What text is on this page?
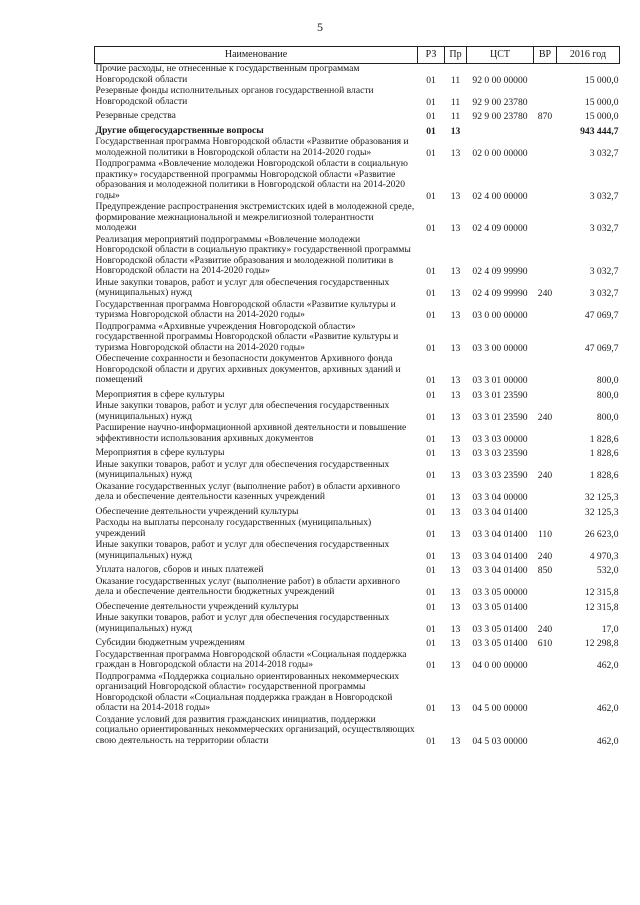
5
Наименование	РЗ	Пр	ЦСТ	ВР	2016 год
Прочие расходы, не отнесенные к государственным программам Новгородской области	01	11	92 0 00 00000		15 000,0
Резервные фонды исполнительных органов государственной власти Новгородской области	01	11	92 9 00 23780		15 000,0
Резервные средства	01	11	92 9 00 23780	870	15 000,0
Другие общегосударственные вопросы	01	13			943 444,7
Государственная программа Новгородской области «Развитие образования и молодежной политики в Новгородской области на 2014-2020 годы»	01	13	02 0 00 00000		3 032,7
Подпрограмма «Вовлечение молодежи Новгородской области в социальную практику» государственной программы Новгородской области «Развитие образования и молодежной политики в Новгородской области на 2014-2020 годы»	01	13	02 4 00 00000		3 032,7
Предупреждение распространения экстремистских идей в молодежной среде, формирование межнациональной и межрелигиозной толерантности молодежи	01	13	02 4 09 00000		3 032,7
Реализация мероприятий подпрограммы «Вовлечение молодежи Новгородской области в социальную практику» государственной программы Новгородской области «Развитие образования и молодежной политики в Новгородской области на 2014-2020 годы»	01	13	02 4 09 99990		3 032,7
Иные закупки товаров, работ и услуг для обеспечения государственных (муниципальных) нужд	01	13	02 4 09 99990	240	3 032,7
Государственная программа Новгородской области «Развитие культуры и туризма Новгородской области на 2014-2020 годы»	01	13	03 0 00 00000		47 069,7
Подпрограмма «Архивные учреждения Новгородской области» государственной программы Новгородской области «Развитие культуры и туризма Новгородской области на 2014-2020 годы»	01	13	03 3 00 00000		47 069,7
Обеспечение сохранности и безопасности документов Архивного фонда Новгородской области и других архивных документов, архивных зданий и помещений	01	13	03 3 01 00000		800,0
Мероприятия в сфере культуры	01	13	03 3 01 23590		800,0
Иные закупки товаров, работ и услуг для обеспечения государственных (муниципальных) нужд	01	13	03 3 01 23590	240	800,0
Расширение научно-информационной архивной деятельности и повышение эффективности использования архивных документов	01	13	03 3 03 00000		1 828,6
Мероприятия в сфере культуры	01	13	03 3 03 23590		1 828,6
Иные закупки товаров, работ и услуг для обеспечения государственных (муниципальных) нужд	01	13	03 3 03 23590	240	1 828,6
Оказание государственных услуг (выполнение работ) в области архивного дела и обеспечение деятельности казенных учреждений	01	13	03 3 04 00000		32 125,3
Обеспечение деятельности учреждений культуры	01	13	03 3 04 01400		32 125,3
Расходы на выплаты персоналу государственных (муниципальных) учреждений	01	13	03 3 04 01400	110	26 623,0
Иные закупки товаров, работ и услуг для обеспечения государственных (муниципальных) нужд	01	13	03 3 04 01400	240	4 970,3
Уплата налогов, сборов и иных платежей	01	13	03 3 04 01400	850	532,0
Оказание государственных услуг (выполнение работ) в области архивного дела и обеспечение деятельности бюджетных учреждений	01	13	03 3 05 00000		12 315,8
Обеспечение деятельности учреждений культуры	01	13	03 3 05 01400		12 315,8
Иные закупки товаров, работ и услуг для обеспечения государственных (муниципальных) нужд	01	13	03 3 05 01400	240	17,0
Субсидии бюджетным учреждениям	01	13	03 3 05 01400	610	12 298,8
Государственная программа Новгородской области «Социальная поддержка граждан в Новгородской области на 2014-2018 годы»	01	13	04 0 00 00000		462,0
Подпрограмма «Поддержка социально ориентированных некоммерческих организаций Новгородской области» государственной программы Новгородской области «Социальная поддержка граждан в Новгородской области на 2014-2018 годы»	01	13	04 5 00 00000		462,0
Создание условий для развития гражданских инициатив, поддержки социально ориентированных некоммерческих организаций, осуществляющих свою деятельность на территории области	01	13	04 5 03 00000		462,0
